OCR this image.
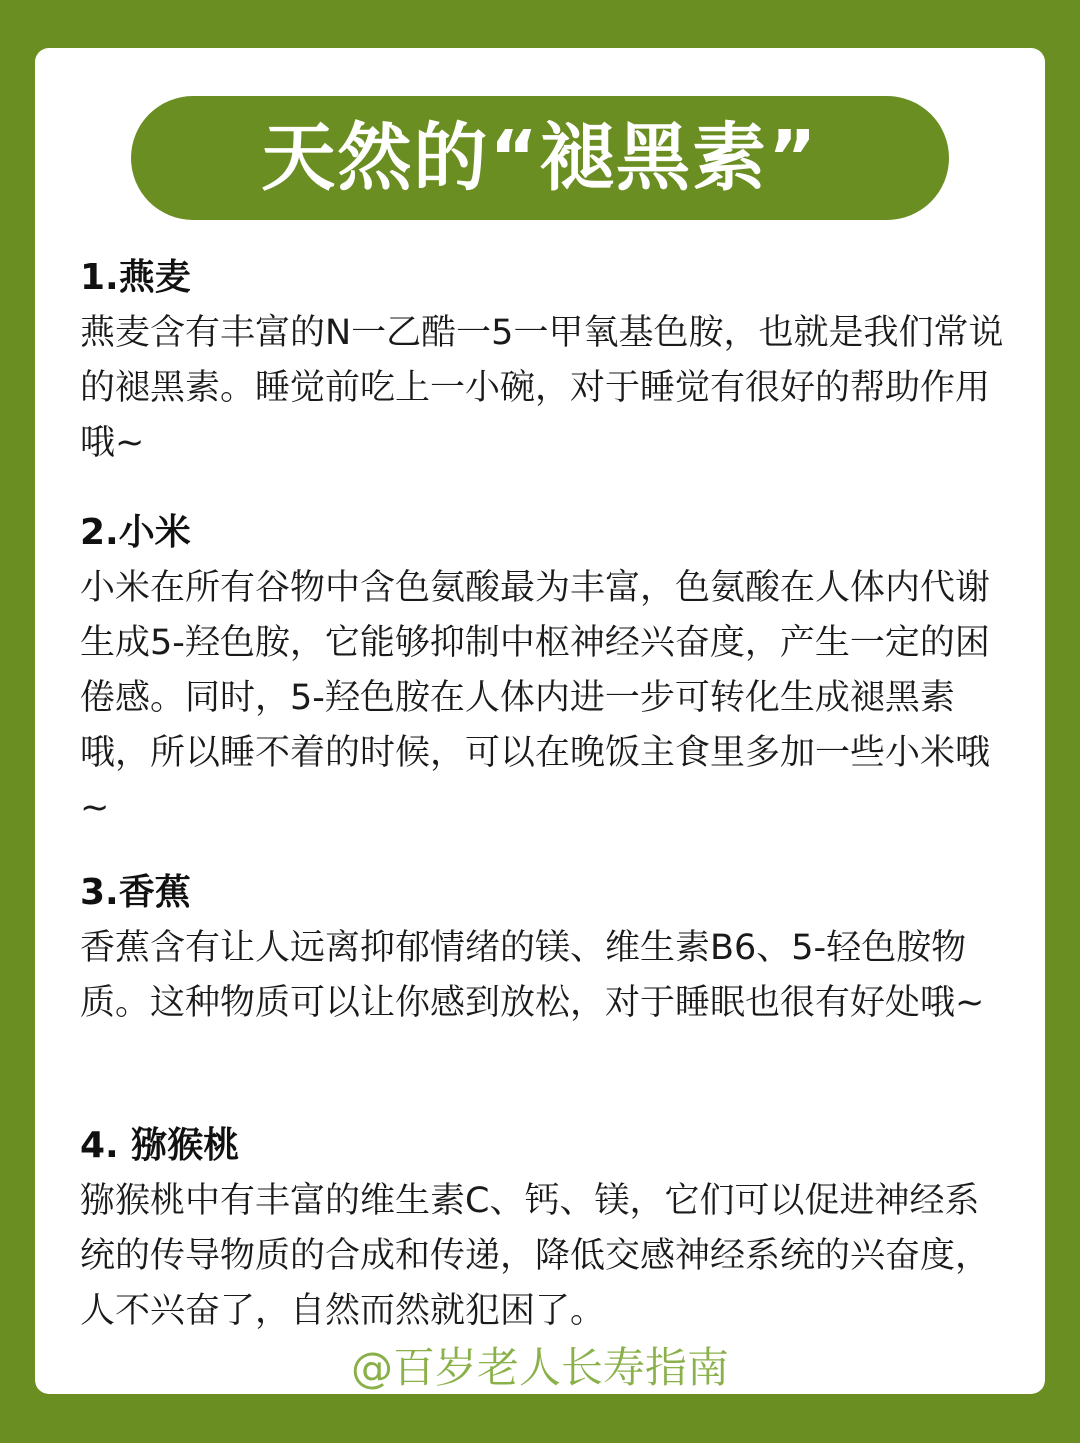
天然的“褪黑素”
1.燕麦
燕麦含有丰富的N一乙酷一5一甲氧基色胺，也就是我们常说的褪黑素。睡觉前吃上一小碗，对于睡觉有很好的帮助作用哦~
2.小米
小米在所有谷物中含色氨酸最为丰富，色氨酸在人体内代谢生成5-羟色胺，它能够抑制中枢神经兴奋度，产生一定的困倦感。同时，5-羟色胺在人体内进一步可转化生成褪黑素哦，所以睡不着的时候，可以在晚饭主食里多加一些小米哦~
3.香蕉
香蕉含有让人远离抑郁情绪的镁、维生素B6、5-轻色胺物质。这种物质可以让你感到放松，对于睡眠也很有好处哦~
4. 猕猴桃
猕猴桃中有丰富的维生素C、钙、镁，它们可以促进神经系统的传导物质的合成和传递，降低交感神经系统的兴奋度，人不兴奋了，自然而然就犯困了。
@百岁老人长寿指南
